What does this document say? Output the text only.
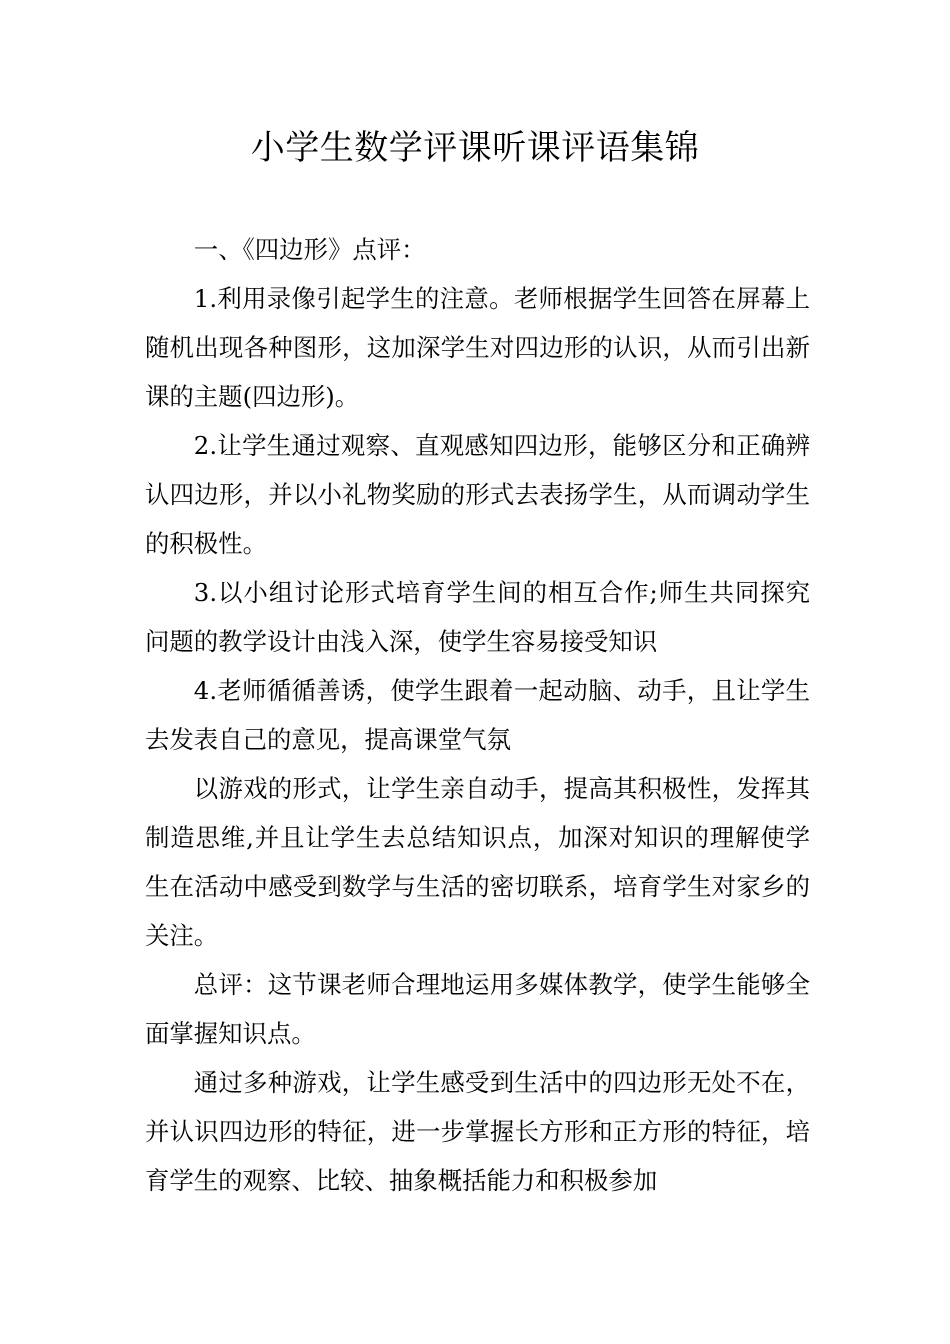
小学生数学评课听课评语集锦

一、《四边形》点评：

1.利用录像引起学生的注意。老师根据学生回答在屏幕上随机出现各种图形，这加深学生对四边形的认识，从而引出新课的主题(四边形)。

2.让学生通过观察、直观感知四边形，能够区分和正确辨认四边形，并以小礼物奖励的形式去表扬学生，从而调动学生的积极性。

3.以小组讨论形式培育学生间的相互合作;师生共同探究问题的教学设计由浅入深，使学生容易接受知识

4.老师循循善诱，使学生跟着一起动脑、动手，且让学生去发表自己的意见，提高课堂气氛

以游戏的形式，让学生亲自动手，提高其积极性，发挥其制造思维,并且让学生去总结知识点，加深对知识的理解使学生在活动中感受到数学与生活的密切联系，培育学生对家乡的关注。

总评：这节课老师合理地运用多媒体教学，使学生能够全面掌握知识点。

通过多种游戏，让学生感受到生活中的四边形无处不在，并认识四边形的特征，进一步掌握长方形和正方形的特征，培育学生的观察、比较、抽象概括能力和积极参加
